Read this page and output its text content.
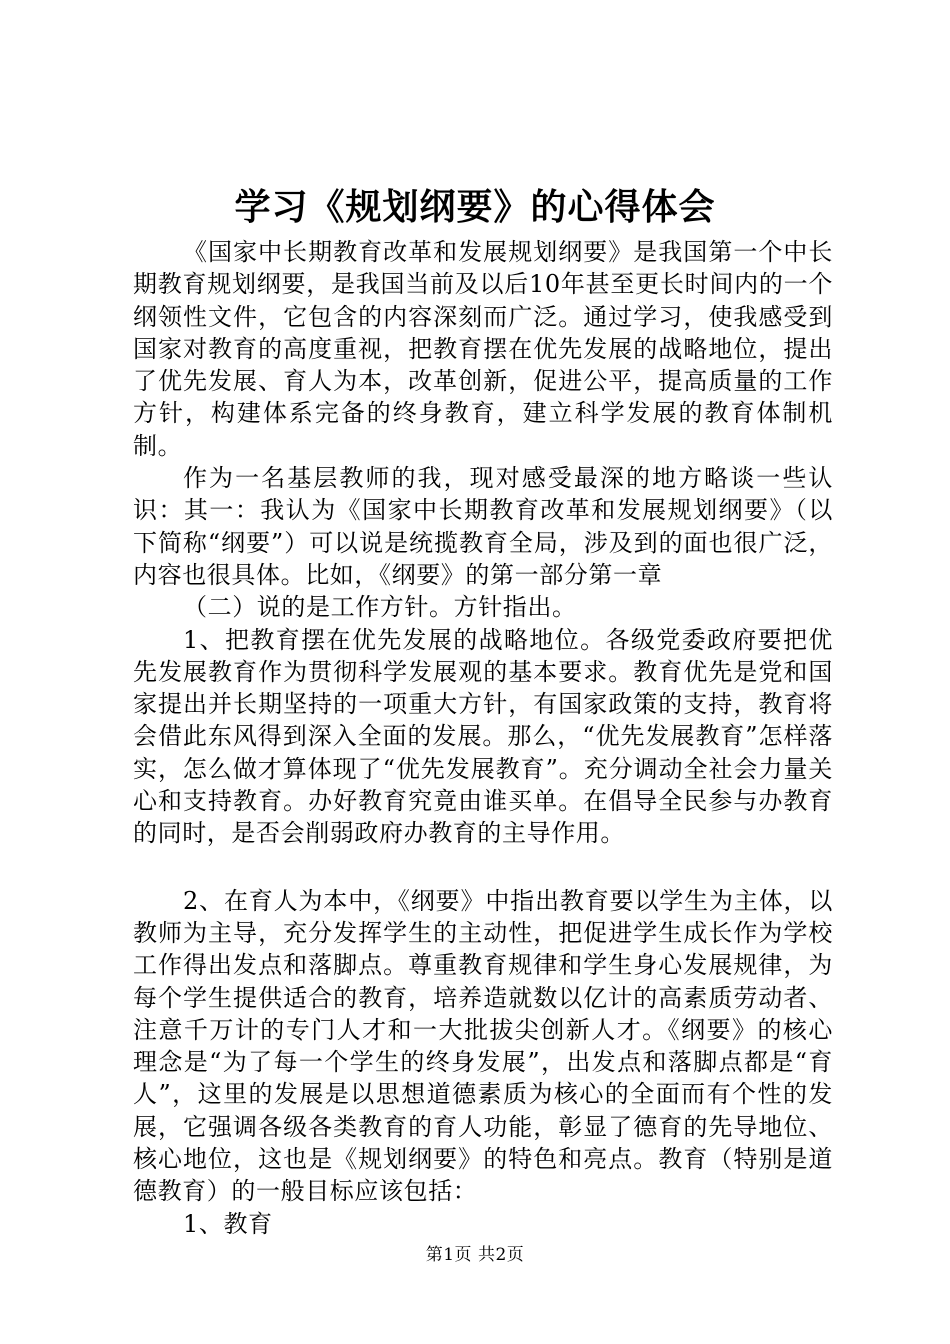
学习《规划纲要》的心得体会

《国家中长期教育改革和发展规划纲要》是我国第一个中长期教育规划纲要，是我国当前及以后10年甚至更长时间内的一个纲领性文件，它包含的内容深刻而广泛。通过学习，使我感受到国家对教育的高度重视，把教育摆在优先发展的战略地位，提出了优先发展、育人为本，改革创新，促进公平，提高质量的工作方针，构建体系完备的终身教育，建立科学发展的教育体制机制。

作为一名基层教师的我，现对感受最深的地方略谈一些认识：其一：我认为《国家中长期教育改革和发展规划纲要》（以下简称“纲要”）可以说是统揽教育全局，涉及到的面也很广泛，内容也很具体。比如，《纲要》的第一部分第一章

（二）说的是工作方针。方针指出。

1、把教育摆在优先发展的战略地位。各级党委政府要把优先发展教育作为贯彻科学发展观的基本要求。教育优先是党和国家提出并长期坚持的一项重大方针，有国家政策的支持，教育将会借此东风得到深入全面的发展。那么，“优先发展教育”怎样落实，怎么做才算体现了“优先发展教育”。充分调动全社会力量关心和支持教育。办好教育究竟由谁买单。在倡导全民参与办教育的同时，是否会削弱政府办教育的主导作用。

2、在育人为本中，《纲要》中指出教育要以学生为主体，以教师为主导，充分发挥学生的主动性，把促进学生成长作为学校工作得出发点和落脚点。尊重教育规律和学生身心发展规律，为每个学生提供适合的教育，培养造就数以亿计的高素质劳动者、注意千万计的专门人才和一大批拔尖创新人才。《纲要》的核心理念是“为了每一个学生的终身发展”，出发点和落脚点都是“育人”，这里的发展是以思想道德素质为核心的全面而有个性的发展，它强调各级各类教育的育人功能，彰显了德育的先导地位、核心地位，这也是《规划纲要》的特色和亮点。教育（特别是道德教育）的一般目标应该包括：

1、教育

第1页 共2页
